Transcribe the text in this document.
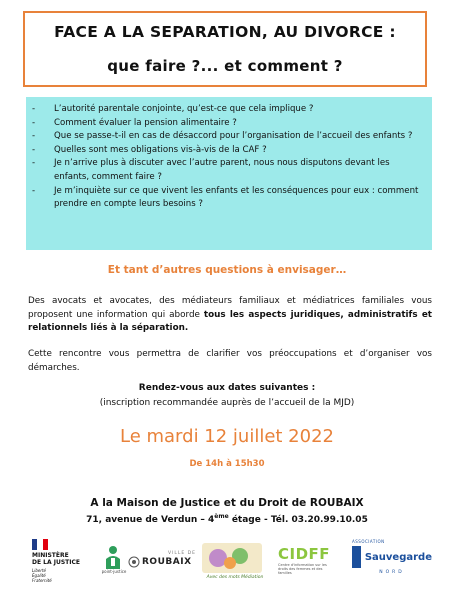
FACE A LA SEPARATION, AU DIVORCE :
que faire ?... et comment ?
- L’autorité parentale conjointe, qu’est-ce que cela implique ?
- Comment évaluer la pension alimentaire ?
- Que se passe-t-il en cas de désaccord pour l’organisation de l’accueil des enfants ?
- Quelles sont mes obligations vis-à-vis de la CAF ?
- Je n’arrive plus à discuter avec l’autre parent, nous nous disputons devant les enfants, comment faire ?
- Je m’inquiète sur ce que vivent les enfants et les conséquences pour eux : comment prendre en compte leurs besoins ?
Et tant d’autres questions à envisager…
Des avocats et avocates, des médiateurs familiaux et médiatrices familiales vous proposent une information qui aborde tous les aspects juridiques, administratifs et relationnels liés à la séparation.
Cette rencontre vous permettra de clarifier vos préoccupations et d’organiser vos démarches.
Rendez-vous aux dates suivantes :
(inscription recommandée auprès de l’accueil de la MJD)
Le mardi 12 juillet 2022
De 14h à 15h30
A la Maison de Justice et du Droit de ROUBAIX
71, avenue de Verdun – 4ème étage - Tél. 03.20.99.10.05
MINISTÈRE
DE LA JUSTICE
Liberté
Égalité
Fraternité
point-justice
VILLE DE
ROUBAIX
Avec des mots Médiation
CIDFF
Centre d'information sur les droits des femmes et des familles
ASSOCIATION
Sauvegarde
NORD
